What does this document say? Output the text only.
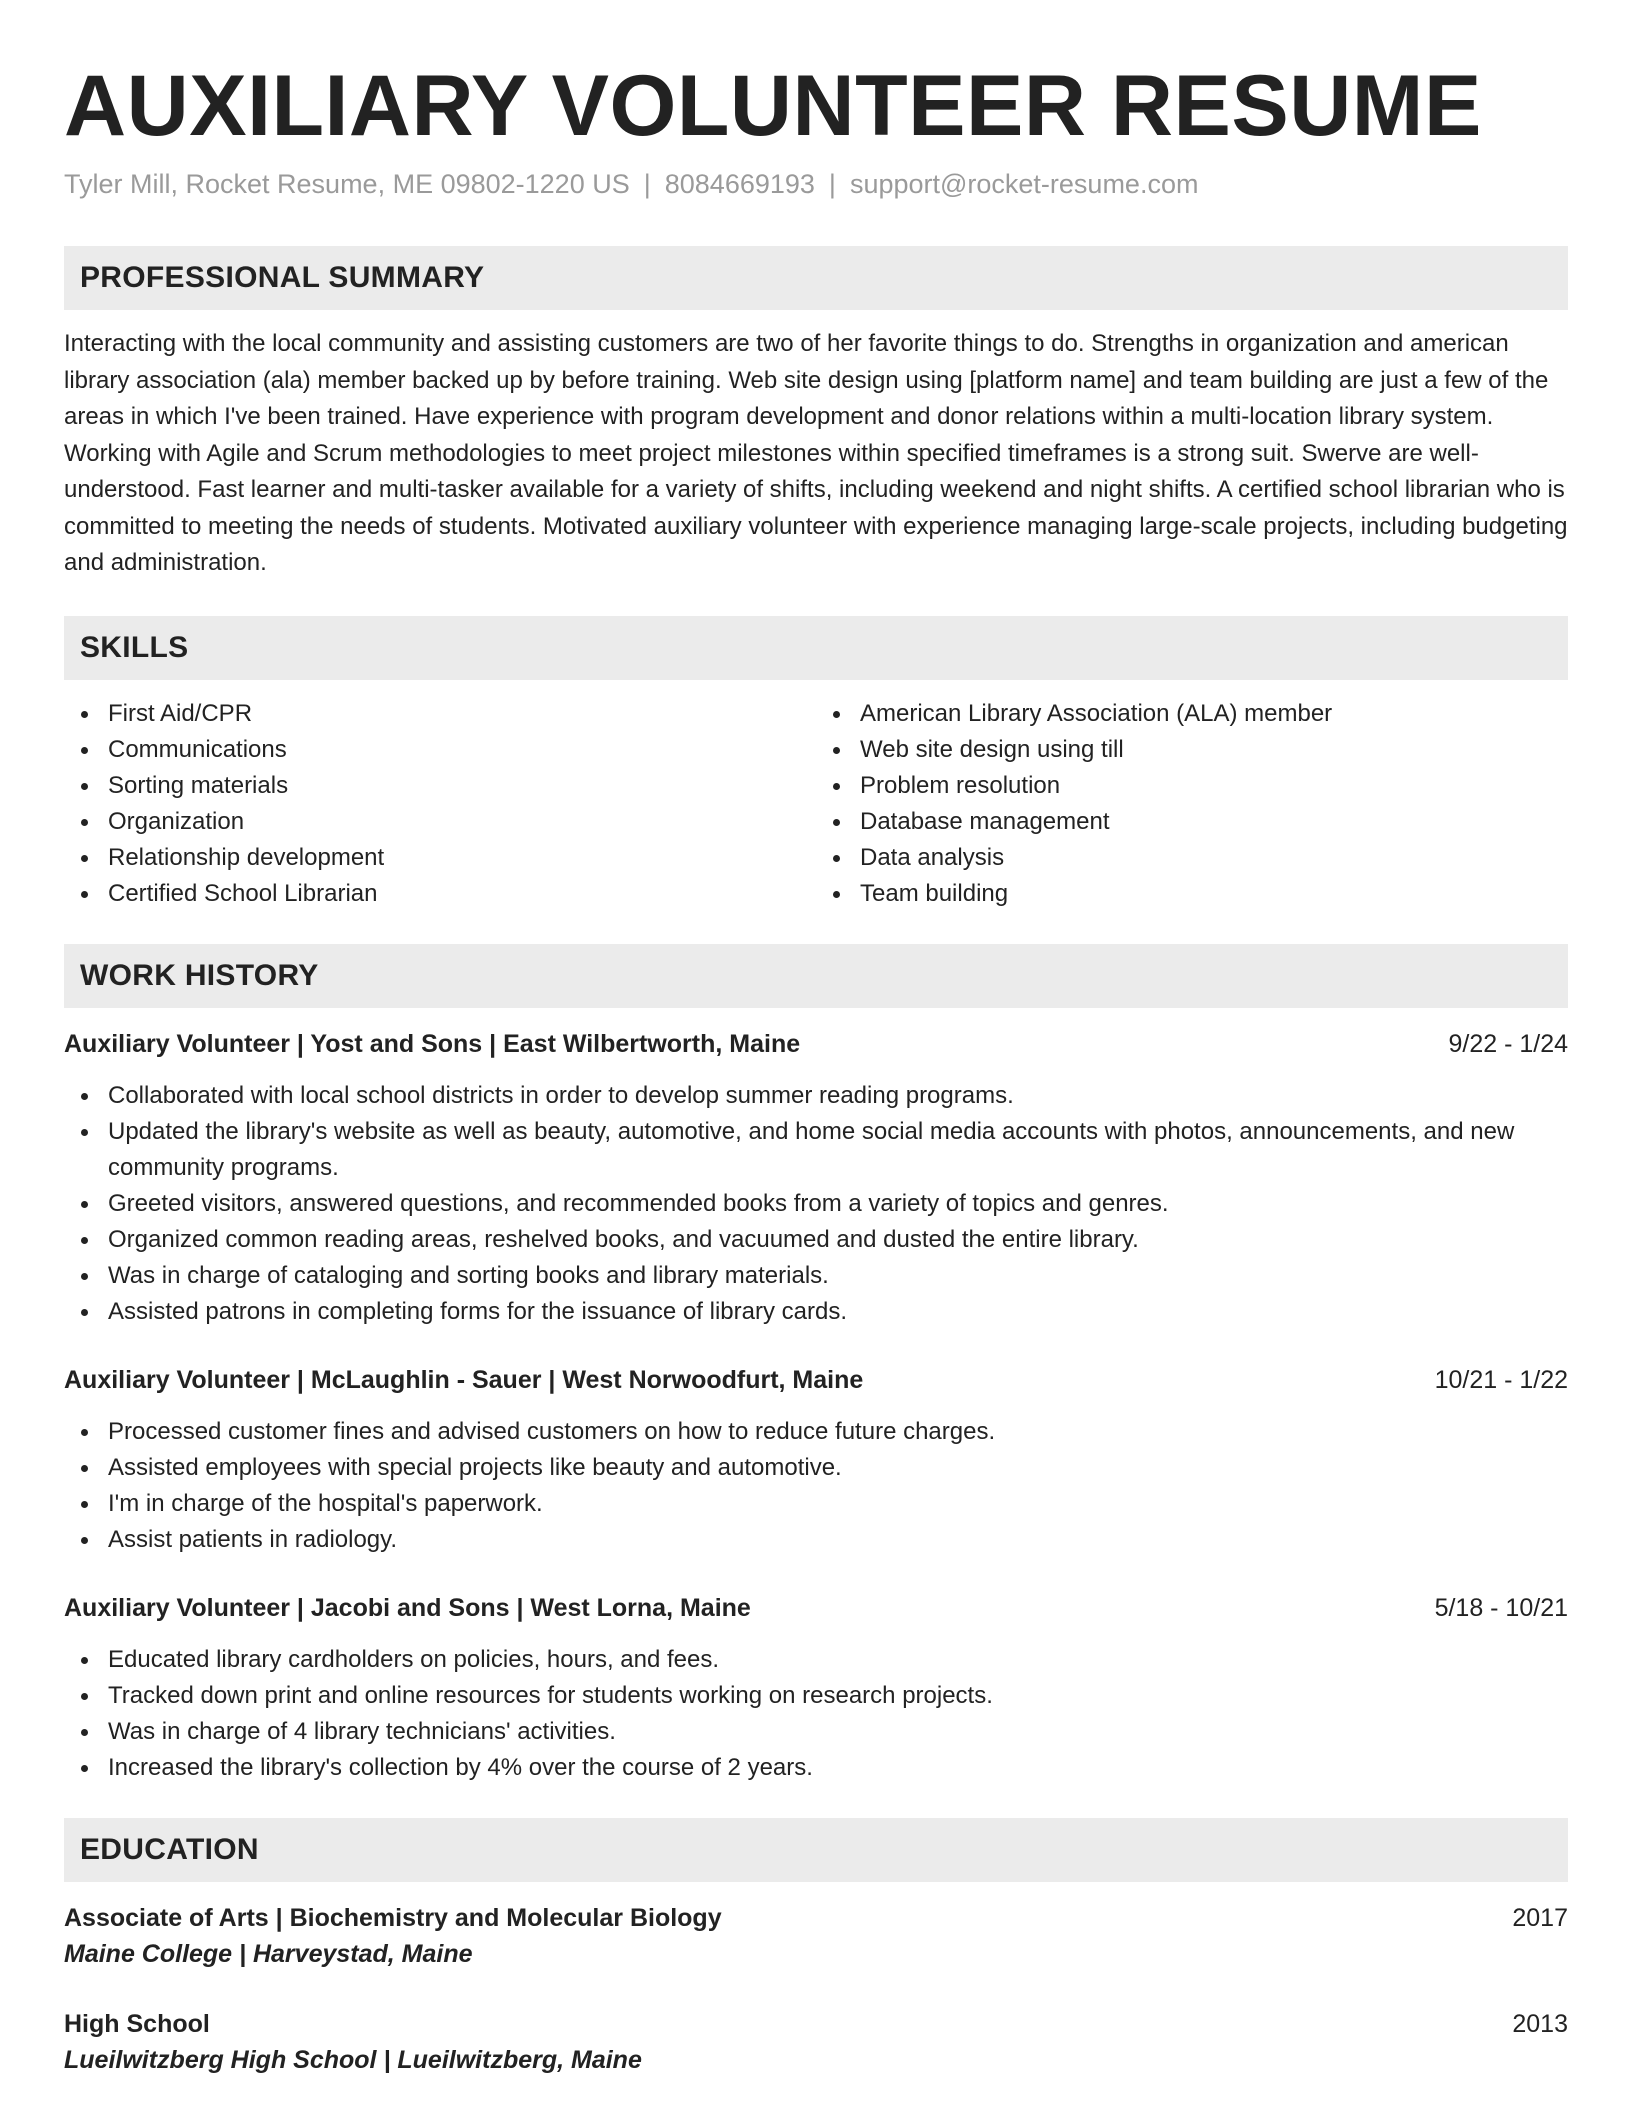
AUXILIARY VOLUNTEER RESUME
Tyler Mill, Rocket Resume, ME 09802-1220 US | 8084669193 | support@rocket-resume.com
PROFESSIONAL SUMMARY

Interacting with the local community and assisting customers are two of her favorite things to do. Strengths in organization and american library association (ala) member backed up by before training. Web site design using [platform name] and team building are just a few of the areas in which I've been trained. Have experience with program development and donor relations within a multi-location library system. Working with Agile and Scrum methodologies to meet project milestones within specified timeframes is a strong suit. Swerve are well-understood. Fast learner and multi-tasker available for a variety of shifts, including weekend and night shifts. A certified school librarian who is committed to meeting the needs of students. Motivated auxiliary volunteer with experience managing large-scale projects, including budgeting and administration.

SKILLS
First Aid/CPR
Communications
Sorting materials
Organization
Relationship development
Certified School Librarian
American Library Association (ALA) member
Web site design using till
Problem resolution
Database management
Data analysis
Team building
WORK HISTORY
Auxiliary Volunteer | Yost and Sons | East Wilbertworth, Maine	9/22 - 1/24
Collaborated with local school districts in order to develop summer reading programs.
Updated the library's website as well as beauty, automotive, and home social media accounts with photos, announcements, and new community programs.
Greeted visitors, answered questions, and recommended books from a variety of topics and genres.
Organized common reading areas, reshelved books, and vacuumed and dusted the entire library.
Was in charge of cataloging and sorting books and library materials.
Assisted patrons in completing forms for the issuance of library cards.
Auxiliary Volunteer | McLaughlin - Sauer | West Norwoodfurt, Maine	10/21 - 1/22
Processed customer fines and advised customers on how to reduce future charges.
Assisted employees with special projects like beauty and automotive.
I'm in charge of the hospital's paperwork.
Assist patients in radiology.
Auxiliary Volunteer | Jacobi and Sons | West Lorna, Maine	5/18 - 10/21
Educated library cardholders on policies, hours, and fees.
Tracked down print and online resources for students working on research projects.
Was in charge of 4 library technicians' activities.
Increased the library's collection by 4% over the course of 2 years.
EDUCATION
Associate of Arts | Biochemistry and Molecular Biology	2017
Maine College | Harveystad, Maine
High School	2013
Lueilwitzberg High School | Lueilwitzberg, Maine
